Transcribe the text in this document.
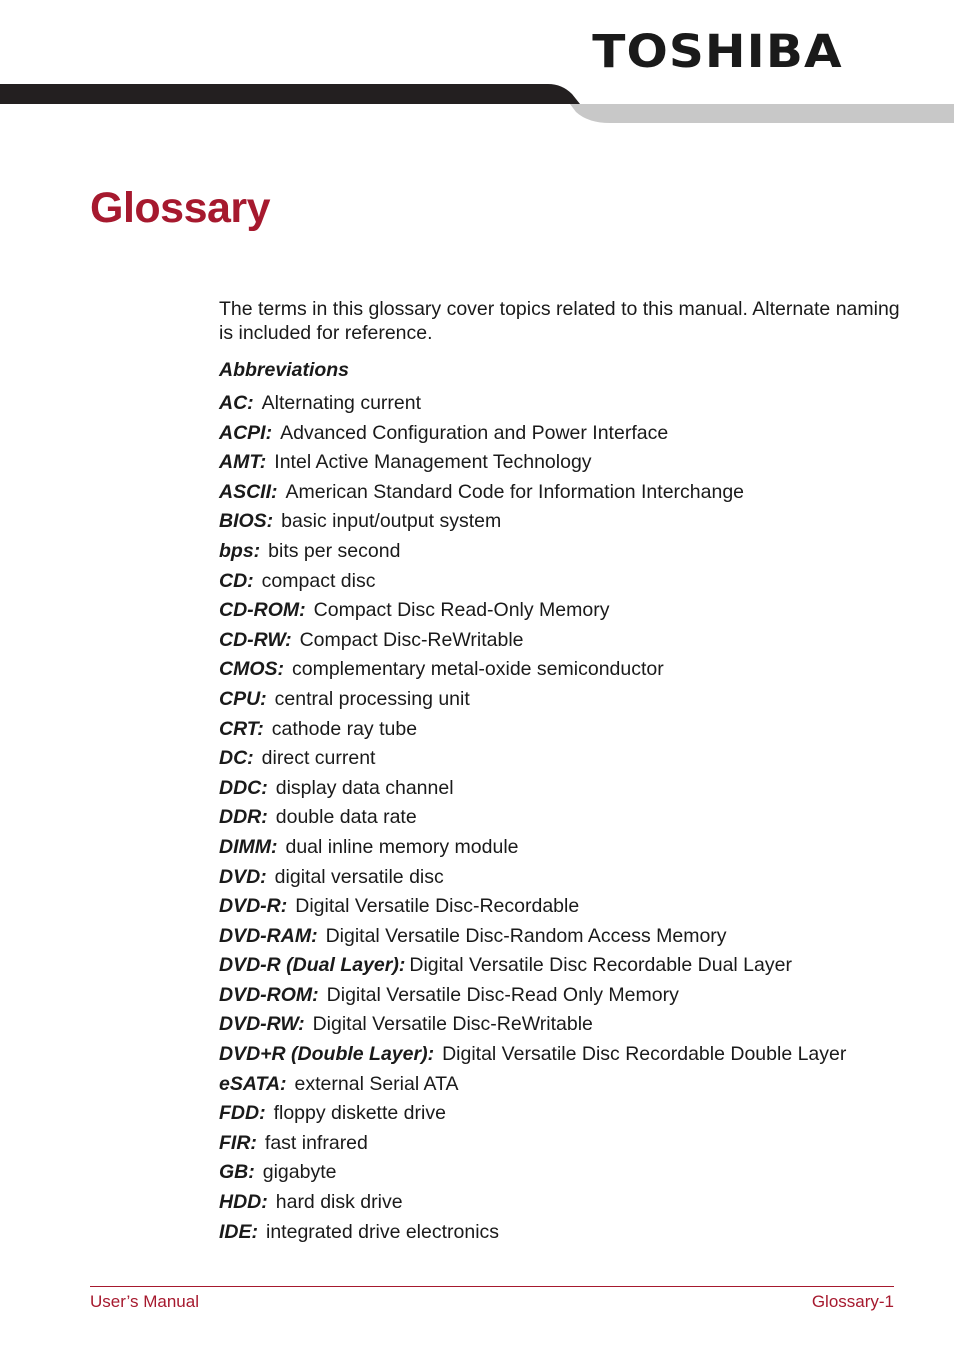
TOSHIBA
Glossary

The terms in this glossary cover topics related to this manual. Alternate naming is included for reference.

Abbreviations
AC: Alternating current
ACPI: Advanced Configuration and Power Interface
AMT: Intel Active Management Technology
ASCII: American Standard Code for Information Interchange
BIOS: basic input/output system
bps: bits per second
CD: compact disc
CD-ROM: Compact Disc Read-Only Memory
CD-RW: Compact Disc-ReWritable
CMOS: complementary metal-oxide semiconductor
CPU: central processing unit
CRT: cathode ray tube
DC: direct current
DDC: display data channel
DDR: double data rate
DIMM: dual inline memory module
DVD: digital versatile disc
DVD-R: Digital Versatile Disc-Recordable
DVD-RAM: Digital Versatile Disc-Random Access Memory
DVD-R (Dual Layer): Digital Versatile Disc Recordable Dual Layer
DVD-ROM: Digital Versatile Disc-Read Only Memory
DVD-RW: Digital Versatile Disc-ReWritable
DVD+R (Double Layer): Digital Versatile Disc Recordable Double Layer
eSATA: external Serial ATA
FDD: floppy diskette drive
FIR: fast infrared
GB: gigabyte
HDD: hard disk drive
IDE: integrated drive electronics
User’s Manual	Glossary-1
